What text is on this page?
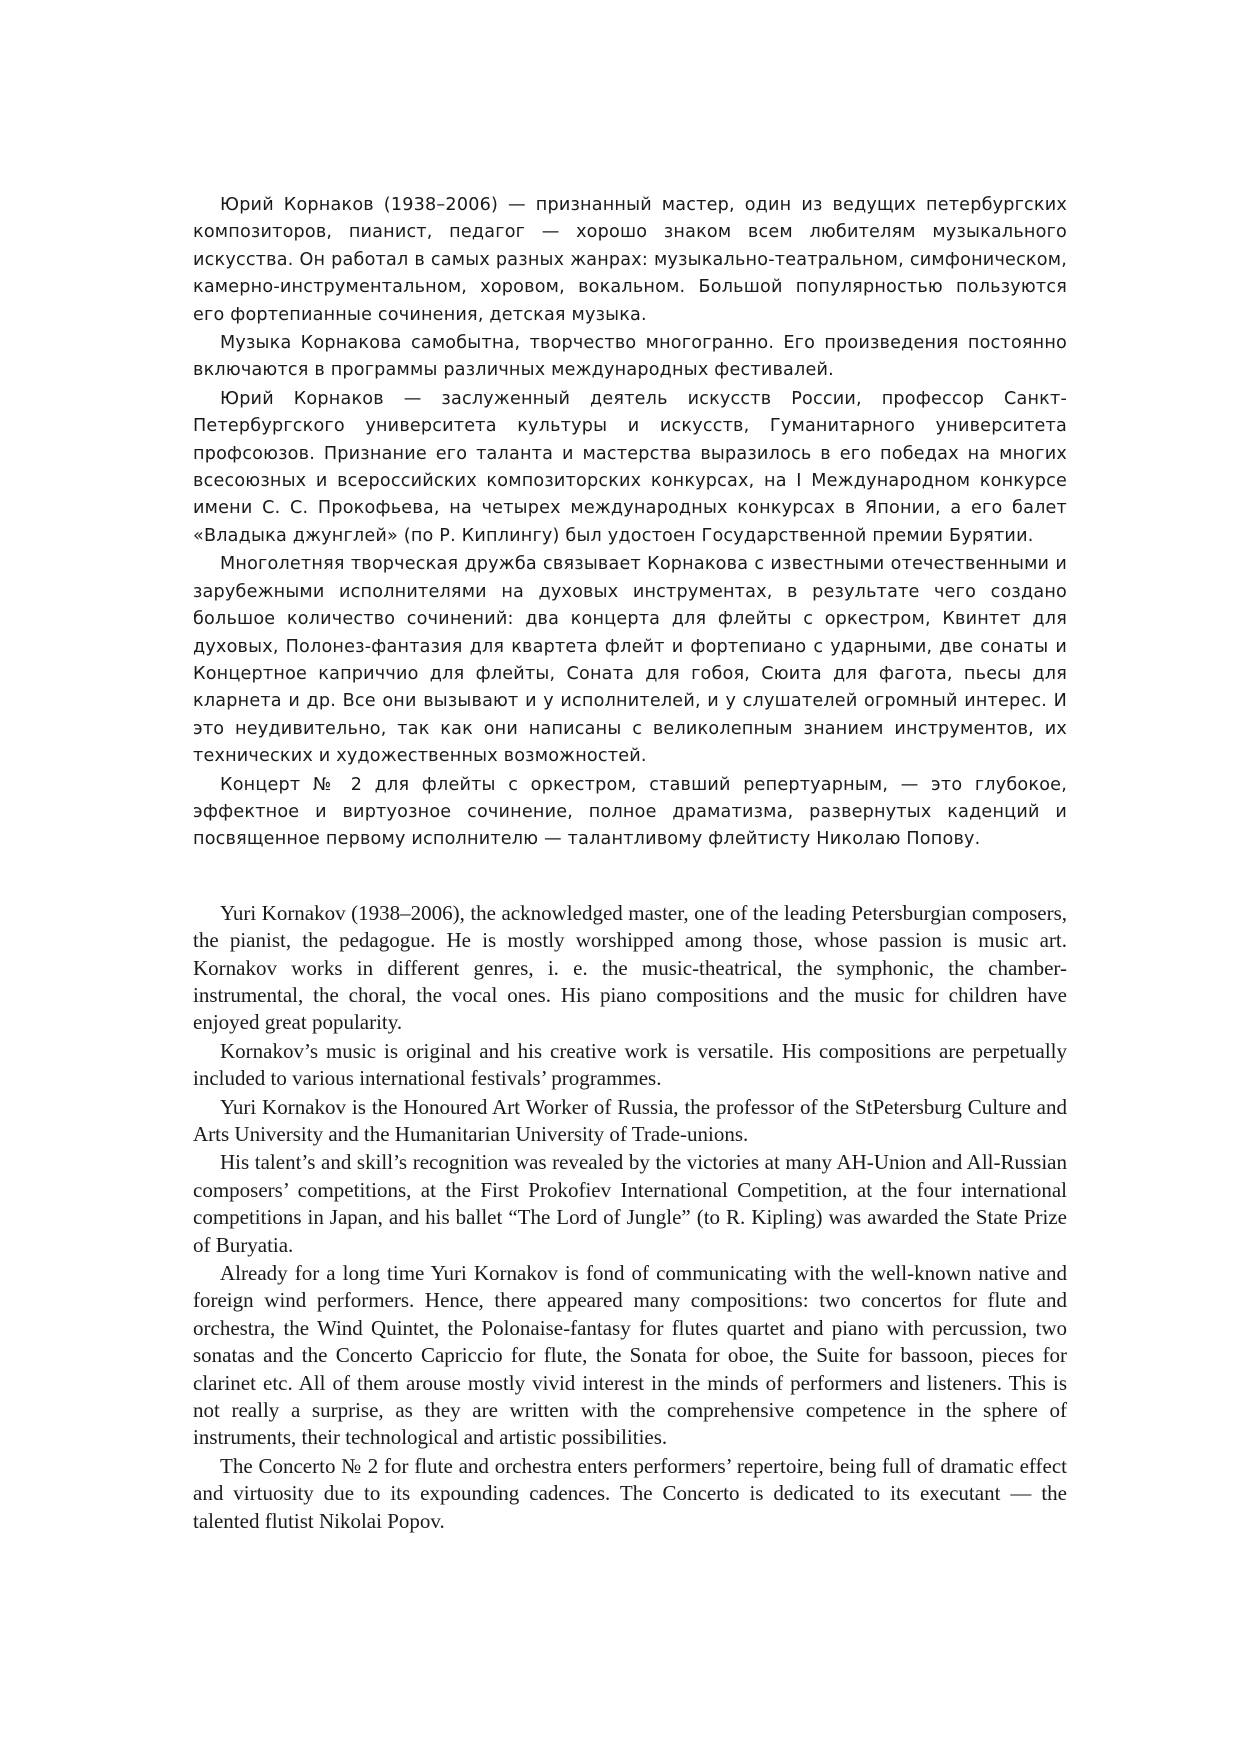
Юрий Корнаков (1938–2006) — признанный мастер, один из ведущих петербургских композиторов, пианист, педагог — хорошо знаком всем любителям музыкального искусства. Он работал в самых разных жанрах: музыкально-театральном, симфоническом, камерно-инструментальном, хоровом, вокальном. Большой популярностью пользуются его фортепианные сочинения, детская музыка.

Музыка Корнакова самобытна, творчество многогранно. Его произведения постоянно включаются в программы различных международных фестивалей.

Юрий Корнаков — заслуженный деятель искусств России, профессор Санкт-Петербургского университета культуры и искусств, Гуманитарного университета профсоюзов. Признание его таланта и мастерства выразилось в его победах на многих всесоюзных и всероссийских композиторских конкурсах, на I Международном конкурсе имени С. С. Прокофьева, на четырех международных конкурсах в Японии, а его балет «Владыка джунглей» (по Р. Киплингу) был удостоен Государственной премии Бурятии.

Многолетняя творческая дружба связывает Корнакова с известными отечественными и зарубежными исполнителями на духовых инструментах, в результате чего создано большое количество сочинений: два концерта для флейты с оркестром, Квинтет для духовых, Полонез-фантазия для квартета флейт и фортепиано с ударными, две сонаты и Концертное каприччио для флейты, Соната для гобоя, Сюита для фагота, пьесы для кларнета и др. Все они вызывают и у исполнителей, и у слушателей огромный интерес. И это неудивительно, так как они написаны с великолепным знанием инструментов, их технических и художественных возможностей.

Концерт № 2 для флейты с оркестром, ставший репертуарным, — это глубокое, эффектное и виртуозное сочинение, полное драматизма, развернутых каденций и посвященное первому исполнителю — талантливому флейтисту Николаю Попову.

Yuri Kornakov (1938–2006), the acknowledged master, one of the leading Petersburgian composers, the pianist, the pedagogue. He is mostly worshipped among those, whose passion is music art. Kornakov works in different genres, i. e. the music-theatrical, the symphonic, the chamber-instrumental, the choral, the vocal ones. His piano compositions and the music for children have enjoyed great popularity.

Kornakov’s music is original and his creative work is versatile. His compositions are perpetually included to various international festivals’ programmes.

Yuri Kornakov is the Honoured Art Worker of Russia, the professor of the StPetersburg Culture and Arts University and the Humanitarian University of Trade-unions.

His talent’s and skill’s recognition was revealed by the victories at many AH-Union and All-Russian composers’ competitions, at the First Prokofiev International Competition, at the four international competitions in Japan, and his ballet “The Lord of Jungle” (to R. Kipling) was awarded the State Prize of Buryatia.

Already for a long time Yuri Kornakov is fond of communicating with the well-known native and foreign wind performers. Hence, there appeared many compositions: two concertos for flute and orchestra, the Wind Quintet, the Polonaise-fantasy for flutes quartet and piano with percussion, two sonatas and the Concerto Capriccio for flute, the Sonata for oboe, the Suite for bassoon, pieces for clarinet etc. All of them arouse mostly vivid interest in the minds of performers and listeners. This is not really a surprise, as they are written with the comprehensive competence in the sphere of instruments, their technological and artistic possibilities.

The Concerto № 2 for flute and orchestra enters performers’ repertoire, being full of dramatic effect and virtuosity due to its expounding cadences. The Concerto is dedicated to its executant — the talented flutist Nikolai Popov.
